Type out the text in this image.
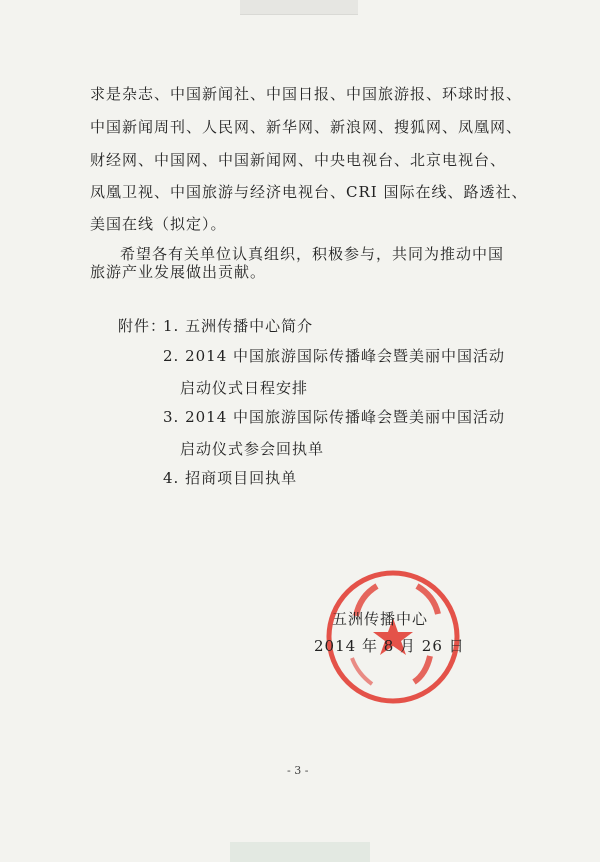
求是杂志、中国新闻社、中国日报、中国旅游报、环球时报、
中国新闻周刊、人民网、新华网、新浪网、搜狐网、凤凰网、
财经网、中国网、中国新闻网、中央电视台、北京电视台、
凤凰卫视、中国旅游与经济电视台、CRI 国际在线、路透社、
美国在线（拟定）。
希望各有关单位认真组织，积极参与，共同为推动中国
旅游产业发展做出贡献。
附件：
1. 五洲传播中心简介
2. 2014 中国旅游国际传播峰会暨美丽中国活动
启动仪式日程安排
3. 2014 中国旅游国际传播峰会暨美丽中国活动
启动仪式参会回执单
4. 招商项目回执单
五洲传播中心
2014 年 8 月 26 日
- 3 -
